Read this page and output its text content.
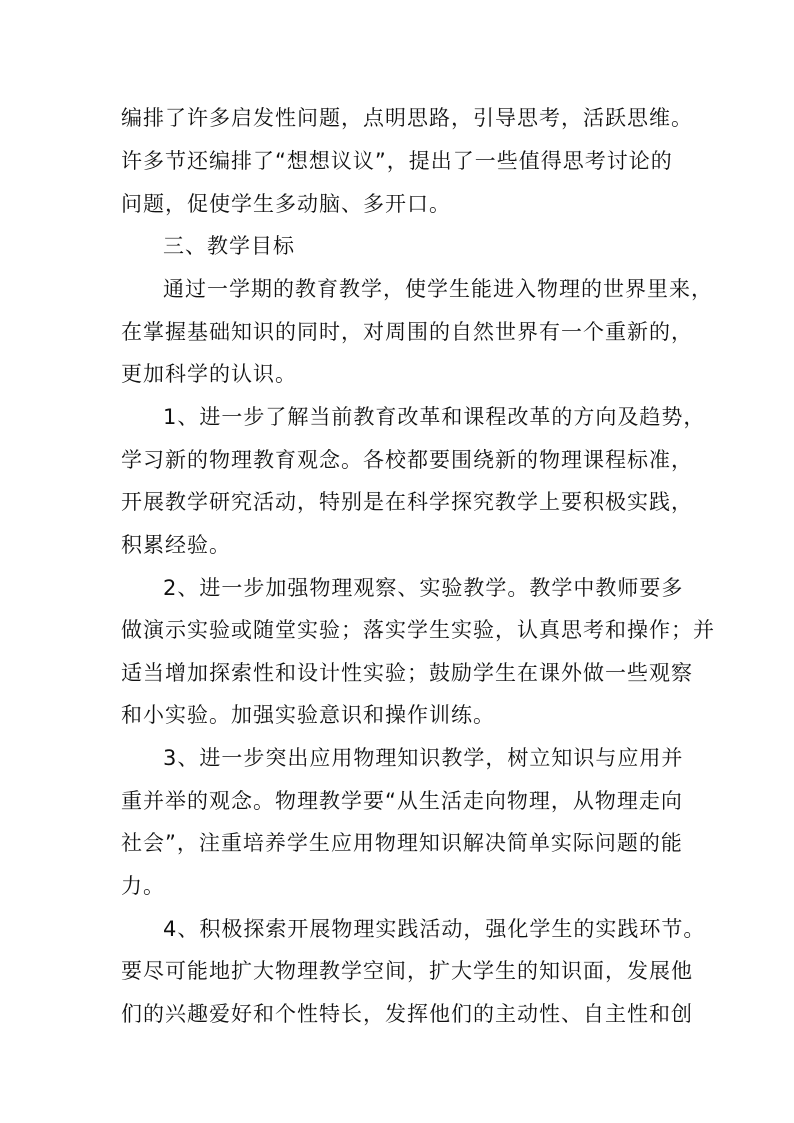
编排了许多启发性问题，点明思路，引导思考，活跃思维。
许多节还编排了“想想议议”，提出了一些值得思考讨论的
问题，促使学生多动脑、多开口。
三、教学目标
通过一学期的教育教学，使学生能进入物理的世界里来，
在掌握基础知识的同时，对周围的自然世界有一个重新的，
更加科学的认识。
1、进一步了解当前教育改革和课程改革的方向及趋势，
学习新的物理教育观念。各校都要围绕新的物理课程标准，
开展教学研究活动，特别是在科学探究教学上要积极实践，
积累经验。
2、进一步加强物理观察、实验教学。教学中教师要多
做演示实验或随堂实验；落实学生实验，认真思考和操作；并
适当增加探索性和设计性实验；鼓励学生在课外做一些观察
和小实验。加强实验意识和操作训练。
3、进一步突出应用物理知识教学，树立知识与应用并
重并举的观念。物理教学要“从生活走向物理，从物理走向
社会”，注重培养学生应用物理知识解决简单实际问题的能
力。
4、积极探索开展物理实践活动，强化学生的实践环节。
要尽可能地扩大物理教学空间，扩大学生的知识面，发展他
们的兴趣爱好和个性特长，发挥他们的主动性、自主性和创
